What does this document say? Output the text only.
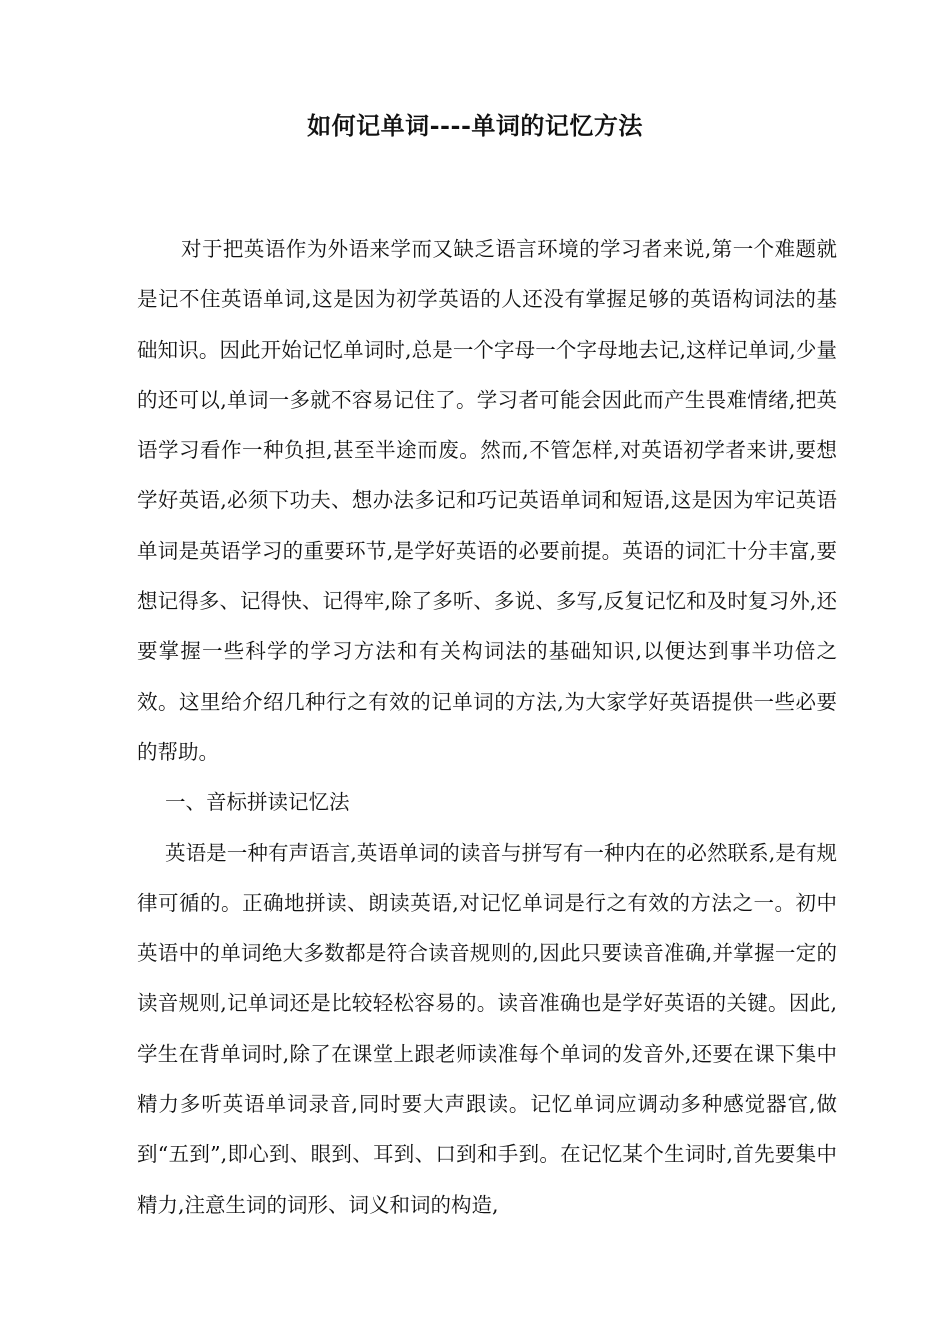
如何记单词----单词的记忆方法

对于把英语作为外语来学而又缺乏语言环境的学习者来说,第一个难题就是记不住英语单词,这是因为初学英语的人还没有掌握足够的英语构词法的基础知识。因此开始记忆单词时,总是一个字母一个字母地去记,这样记单词,少量的还可以,单词一多就不容易记住了。学习者可能会因此而产生畏难情绪,把英语学习看作一种负担,甚至半途而废。然而,不管怎样,对英语初学者来讲,要想学好英语,必须下功夫、想办法多记和巧记英语单词和短语,这是因为牢记英语单词是英语学习的重要环节,是学好英语的必要前提。英语的词汇十分丰富,要想记得多、记得快、记得牢,除了多听、多说、多写,反复记忆和及时复习外,还要掌握一些科学的学习方法和有关构词法的基础知识,以便达到事半功倍之效。这里给介绍几种行之有效的记单词的方法,为大家学好英语提供一些必要的帮助。

一、音标拼读记忆法

英语是一种有声语言,英语单词的读音与拼写有一种内在的必然联系,是有规律可循的。正确地拼读、朗读英语,对记忆单词是行之有效的方法之一。初中英语中的单词绝大多数都是符合读音规则的,因此只要读音准确,并掌握一定的读音规则,记单词还是比较轻松容易的。读音准确也是学好英语的关键。因此,学生在背单词时,除了在课堂上跟老师读准每个单词的发音外,还要在课下集中精力多听英语单词录音,同时要大声跟读。记忆单词应调动多种感觉器官,做到“五到”,即心到、眼到、耳到、口到和手到。在记忆某个生词时,首先要集中精力,注意生词的词形、词义和词的构造,
